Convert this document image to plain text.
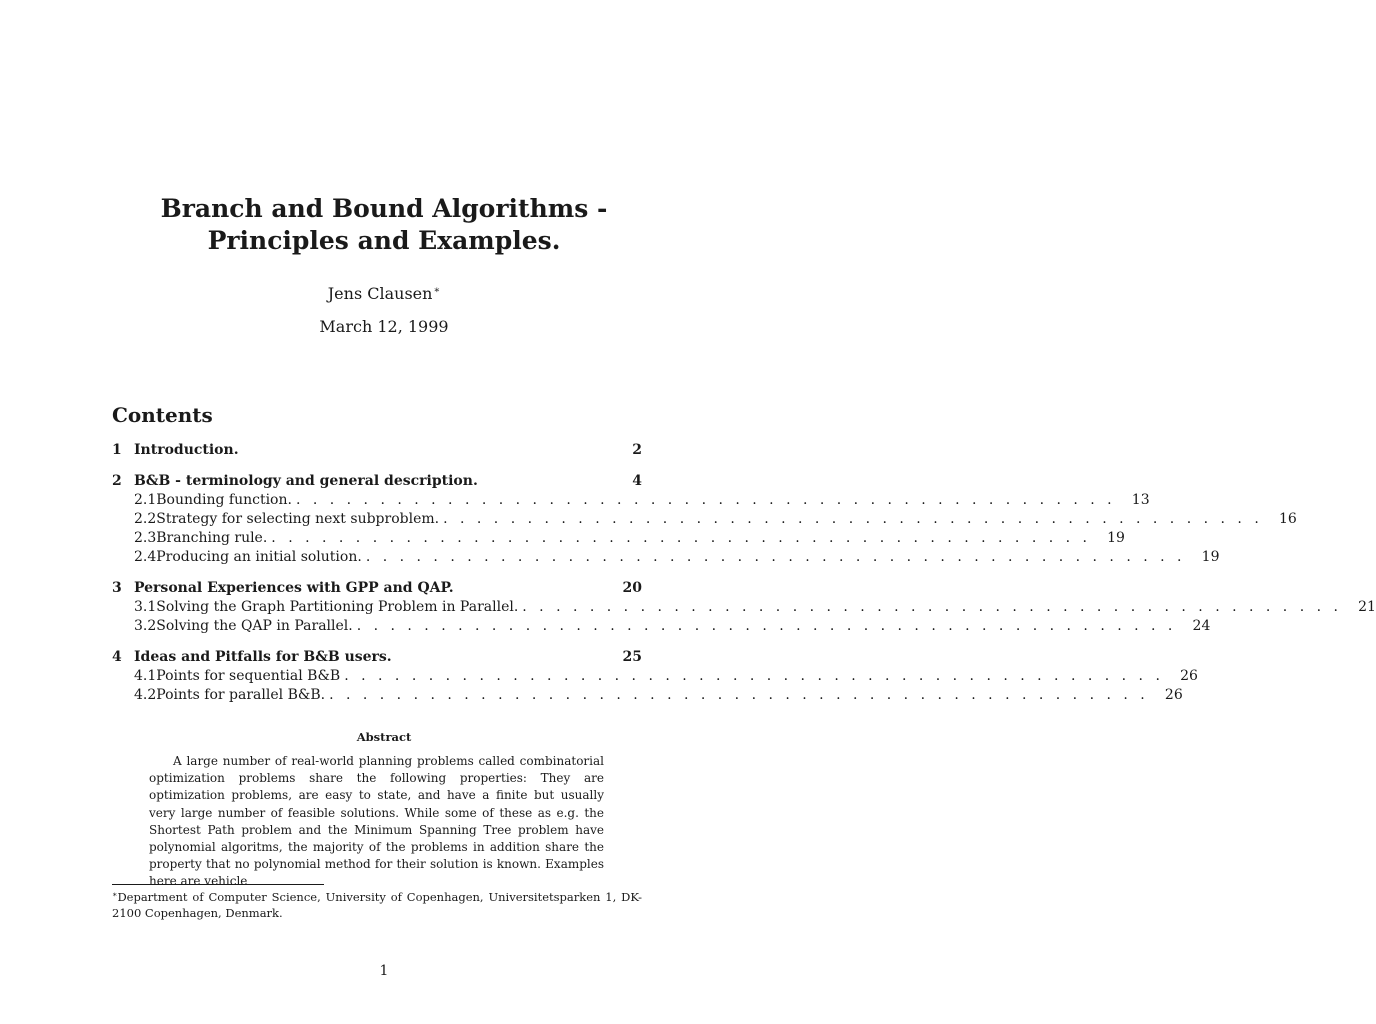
Branch and Bound Algorithms -
Principles and Examples.
Jens Clausen∗
March 12, 1999
Contents
1 Introduction.	2
2 B&B - terminology and general description.	4
2.1 Bounding function. . . . . . . . . . . . . . . . . . . . . . . . . . . . . . . . . . . . . . . . . . . . . . . . . .	13
2.2 Strategy for selecting next subproblem. . . . . . . . . . . . . . . . . . . . . . . . . . . . . . . . . . . . . . . . . . . . . . . . . .	16
2.3 Branching rule. . . . . . . . . . . . . . . . . . . . . . . . . . . . . . . . . . . . . . . . . . . . . . . . . .	19
2.4 Producing an initial solution. . . . . . . . . . . . . . . . . . . . . . . . . . . . . . . . . . . . . . . . . . . . . . . . . .	19
3 Personal Experiences with GPP and QAP.	20
3.1 Solving the Graph Partitioning Problem in Parallel. . . . . . . . . . . . . . . . . . . . . . . . . . . . . . . . . . . . . . . . . . . . . . . . . .	21
3.2 Solving the QAP in Parallel. . . . . . . . . . . . . . . . . . . . . . . . . . . . . . . . . . . . . . . . . . . . . . . . . .	24
4 Ideas and Pitfalls for B&B users.	25
4.1 Points for sequential B&B . . . . . . . . . . . . . . . . . . . . . . . . . . . . . . . . . . . . . . . . . . . . . . . . .	26
4.2 Points for parallel B&B. . . . . . . . . . . . . . . . . . . . . . . . . . . . . . . . . . . . . . . . . . . . . . . . . .	26
Abstract
A large number of real-world planning problems called combinatorial optimization problems share the following properties: They are optimization problems, are easy to state, and have a finite but usually very large number of feasible solutions. While some of these as e.g. the Shortest Path problem and the Minimum Spanning Tree problem have polynomial algoritms, the majority of the problems in addition share the property that no polynomial method for their solution is known. Examples here are vehicle
∗Department of Computer Science, University of Copenhagen, Universitetsparken 1, DK-2100 Copenhagen, Denmark.
1
